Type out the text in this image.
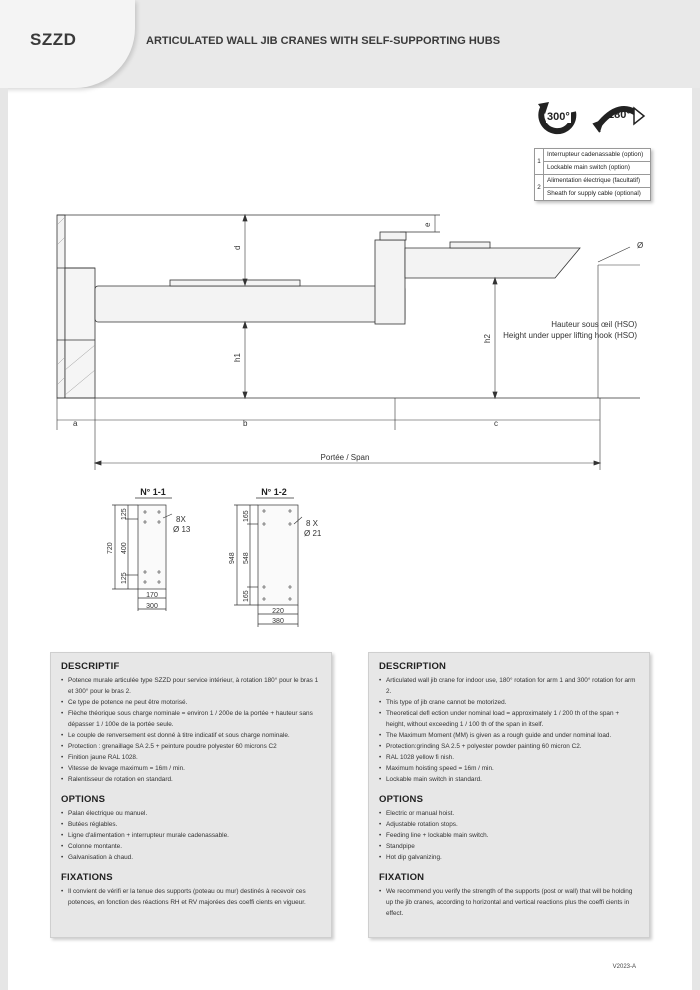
SZZD	ARTICULATED WALL JIB CRANES WITH SELF-SUPPORTING HUBS
300°	180°
1	Interrupteur cadenassable (option)
	Lockable main switch (option)
2	Alimentation électrique (facultatif)
	Sheath for supply cable (optional)
d
e
Ø
h1
h2
Hauteur sous œil (HSO)
Height under upper lifting hook (HSO)
a	b	c
Portée / Span
N° 1-1
8X
Ø 13
720
125
400
125
170
300
N° 1-2
8 X
Ø 21
948
165
548
165
220
380
DESCRIPTIF
• Potence murale articulée type SZZD pour service intérieur, à rotation 180° pour le bras 1 et 300° pour le bras 2.
• Ce type de potence ne peut être motorisé.
• Flèche théorique sous charge nominale = environ 1 / 200e de la portée + hauteur sans dépasser 1 / 100e de la portée seule.
• Le couple de renversement est donné à titre indicatif et sous charge nominale.
• Protection : grenaillage SA 2.5 + peinture poudre polyester 60 microns C2
• Finition jaune RAL 1028.
• Vitesse de levage maximum = 16m / min.
• Ralentisseur de rotation en standard.
OPTIONS
• Palan électrique ou manuel.
• Butées réglables.
• Ligne d'alimentation + interrupteur murale cadenassable.
• Colonne montante.
• Galvanisation à chaud.
FIXATIONS
• Il convient de vérifi er la tenue des supports (poteau ou mur) destinés à recevoir ces potences, en fonction des réactions RH et RV majorées des coeffi cients en vigueur.
DESCRIPTION
• Articulated wall jib crane for indoor use, 180° rotation for arm 1 and 300° rotation for arm 2.
• This type of jib crane cannot be motorized.
• Theoretical defl ection under nominal load = approximately 1 / 200 th of the span + height, without exceeding 1 / 100 th of the span in itself.
• The Maximum Moment (MM) is given as a rough guide and under nominal load.
• Protection:grinding SA 2.5 + polyester powder painting 60 micron C2.
• RAL 1028 yellow fi nish.
• Maximum hoisting speed = 16m / min.
• Lockable main switch in standard.
OPTIONS
• Electric or manual hoist.
• Adjustable rotation stops.
• Feeding line + lockable main switch.
• Standpipe
• Hot dip galvanizing.
FIXATION
• We recommend you verify the strength of the supports (post or wall) that will be holding up the jib cranes, according to horizontal and vertical reactions plus the coeffi cients in effect.
V2023-A
